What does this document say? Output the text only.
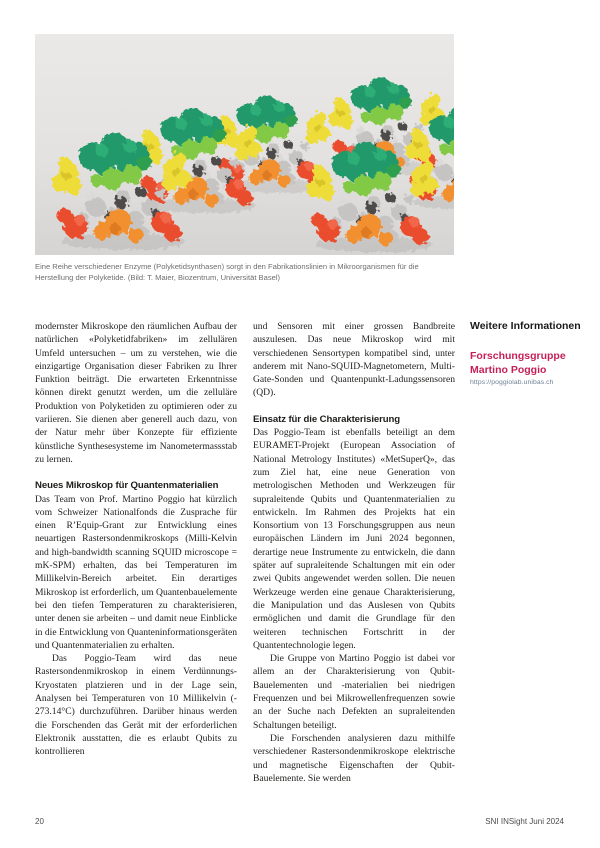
Eine Reihe verschiedener Enzyme (Polyketidsynthasen) sorgt in den Fabrikationslinien in Mikroorganismen für die Herstellung der Polyketide. (Bild: T. Maier, Biozentrum, Universität Basel)

modernster Mikroskope den räumlichen Aufbau der natürlichen «Polyketidfabriken» im zellulären Umfeld untersuchen – um zu verstehen, wie die einzigartige Organisation dieser Fabriken zu Ihrer Funktion beiträgt. Die erwarteten Erkenntnisse können direkt genutzt werden, um die zelluläre Produktion von Polyketiden zu optimieren oder zu variieren. Sie dienen aber generell auch dazu, von der Natur mehr über Konzepte für effiziente künstliche Synthesesysteme im Nanometermassstab zu lernen.

Neues Mikroskop für Quantenmaterialien

Das Team von Prof. Martino Poggio hat kürzlich vom Schweizer Nationalfonds die Zusprache für einen R’Equip-Grant zur Entwicklung eines neuartigen Rastersondenmikroskops (Milli-Kelvin and high-bandwidth scanning SQUID microscope = mK-SPM) erhalten, das bei Temperaturen im Millikelvin-Bereich arbeitet. Ein derartiges Mikroskop ist erforderlich, um Quantenbauelemente bei den tiefen Temperaturen zu charakterisieren, unter denen sie arbeiten – und damit neue Einblicke in die Entwicklung von Quanteninformationsgeräten und Quantenmaterialien zu erhalten.

Das Poggio-Team wird das neue Rastersondenmikroskop in einem Verdünnungs-Kryostaten platzieren und in der Lage sein, Analysen bei Temperaturen von 10 Millikelvin (- 273.14°C) durchzuführen. Darüber hinaus werden die Forschenden das Gerät mit der erforderlichen Elektronik ausstatten, die es erlaubt Qubits zu kontrollieren

und Sensoren mit einer grossen Bandbreite auszulesen. Das neue Mikroskop wird mit verschiedenen Sensortypen kompatibel sind, unter anderem mit Nano-SQUID-Magnetometern, Multi-Gate-Sonden und Quantenpunkt-Ladungssensoren (QD).

Einsatz für die Charakterisierung

Das Poggio-Team ist ebenfalls beteiligt an dem EURAMET-Projekt (European Association of National Metrology Institutes) «MetSuperQ», das zum Ziel hat, eine neue Generation von metrologischen Methoden und Werkzeugen für supraleitende Qubits und Quantenmaterialien zu entwickeln. Im Rahmen des Projekts hat ein Konsortium von 13 Forschungsgruppen aus neun europäischen Ländern im Juni 2024 begonnen, derartige neue Instrumente zu entwickeln, die dann später auf supraleitende Schaltungen mit ein oder zwei Qubits angewendet werden sollen. Die neuen Werkzeuge werden eine genaue Charakterisierung, die Manipulation und das Auslesen von Qubits ermöglichen und damit die Grundlage für den weiteren technischen Fortschritt in der Quantentechnologie legen.

Die Gruppe von Martino Poggio ist dabei vor allem an der Charakterisierung von Qubit-Bauelementen und -materialien bei niedrigen Frequenzen und bei Mikrowellenfrequenzen sowie an der Suche nach Defekten an supraleitenden Schaltungen beteiligt.

Die Forschenden analysieren dazu mithilfe verschiedener Rastersondenmikroskope elektrische und magnetische Eigenschaften der Qubit-Bauelemente. Sie werden

Weitere Informationen
Forschungsgruppe Martino Poggio
https://poggiolab.unibas.ch
20	SNI INSight Juni 2024
